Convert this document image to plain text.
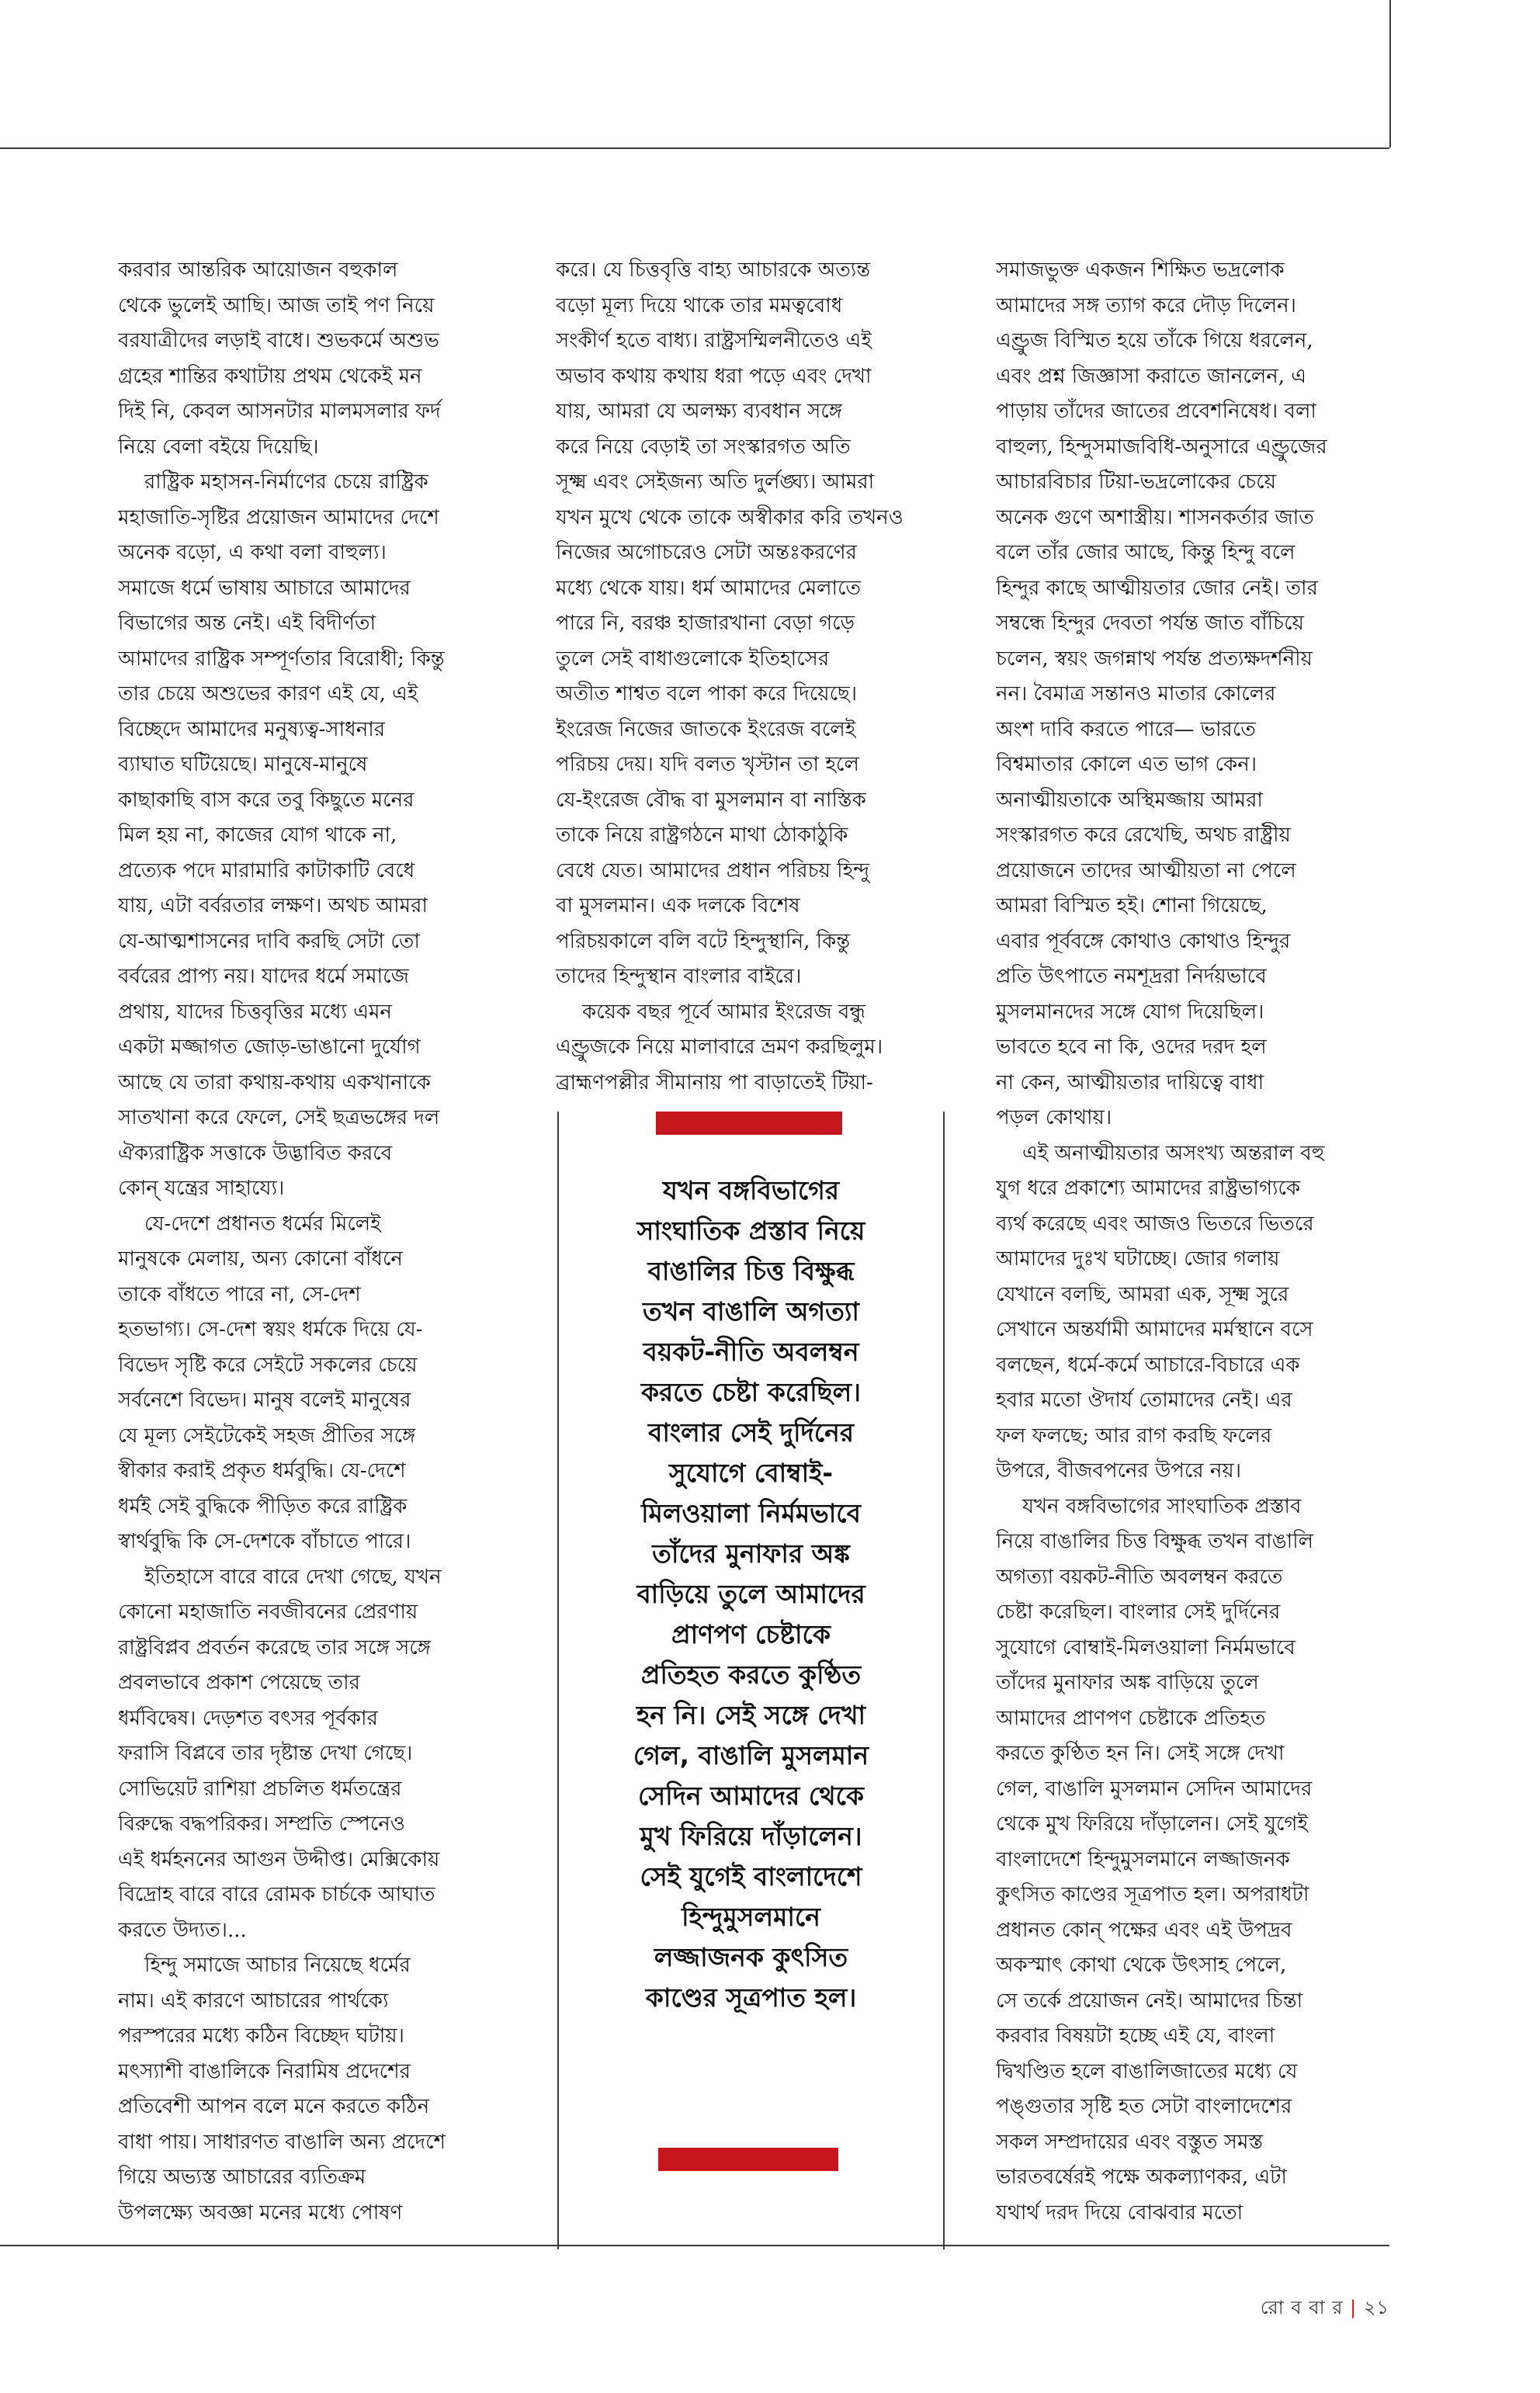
করবার আন্তরিক আয়োজন বহুকাল
থেকে ভুলেই আছি। আজ তাই পণ নিয়ে
বরযাত্রীদের লড়াই বাধে। শুভকর্মে অশুভ
গ্রহের শান্তির কথাটায় প্রথম থেকেই মন
দিই নি, কেবল আসনটার মালমসলার ফর্দ
নিয়ে বেলা বইয়ে দিয়েছি।
রাষ্ট্রিক মহাসন-নির্মাণের চেয়ে রাষ্ট্রিক
মহাজাতি-সৃষ্টির প্রয়োজন আমাদের দেশে
অনেক বড়ো, এ কথা বলা বাহুল্য।
সমাজে ধর্মে ভাষায় আচারে আমাদের
বিভাগের অন্ত নেই। এই বিদীর্ণতা
আমাদের রাষ্ট্রিক সম্পূর্ণতার বিরোধী; কিন্তু
তার চেয়ে অশুভের কারণ এই যে, এই
বিচ্ছেদে আমাদের মনুষ্যত্ব-সাধনার
ব্যাঘাত ঘটিয়েছে। মানুষে-মানুষে
কাছাকাছি বাস করে তবু কিছুতে মনের
মিল হয় না, কাজের যোগ থাকে না,
প্রত্যেক পদে মারামারি কাটাকাটি বেধে
যায়, এটা বর্বরতার লক্ষণ। অথচ আমরা
যে-আত্মশাসনের দাবি করছি সেটা তো
বর্বরের প্রাপ্য নয়। যাদের ধর্মে সমাজে
প্রথায়, যাদের চিত্তবৃত্তির মধ্যে এমন
একটা মজ্জাগত জোড়-ভাঙানো দুর্যোগ
আছে যে তারা কথায়-কথায় একখানাকে
সাতখানা করে ফেলে, সেই ছত্রভঙ্গের দল
ঐক্যরাষ্ট্রিক সত্তাকে উদ্ভাবিত করবে
কোন্ যন্ত্রের সাহায্যে।
যে-দেশে প্রধানত ধর্মের মিলেই
মানুষকে মেলায়, অন্য কোনো বাঁধনে
তাকে বাঁধতে পারে না, সে-দেশ
হতভাগ্য। সে-দেশ স্বয়ং ধর্মকে দিয়ে যে-
বিভেদ সৃষ্টি করে সেইটে সকলের চেয়ে
সর্বনেশে বিভেদ। মানুষ বলেই মানুষের
যে মূল্য সেইটেকেই সহজ প্রীতির সঙ্গে
স্বীকার করাই প্রকৃত ধর্মবুদ্ধি। যে-দেশে
ধর্মই সেই বুদ্ধিকে পীড়িত করে রাষ্ট্রিক
স্বার্থবুদ্ধি কি সে-দেশকে বাঁচাতে পারে।
ইতিহাসে বারে বারে দেখা গেছে, যখন
কোনো মহাজাতি নবজীবনের প্রেরণায়
রাষ্ট্রবিপ্লব প্রবর্তন করেছে তার সঙ্গে সঙ্গে
প্রবলভাবে প্রকাশ পেয়েছে তার
ধর্মবিদ্বেষ। দেড়শত বৎসর পূর্বকার
ফরাসি বিপ্লবে তার দৃষ্টান্ত দেখা গেছে।
সোভিয়েট রাশিয়া প্রচলিত ধর্মতন্ত্রের
বিরুদ্ধে বদ্ধপরিকর। সম্প্রতি স্পেনেও
এই ধর্মহননের আগুন উদ্দীপ্ত। মেক্সিকোয়
বিদ্রোহ বারে বারে রোমক চার্চকে আঘাত
করতে উদ্যত।...
হিন্দু সমাজে আচার নিয়েছে ধর্মের
নাম। এই কারণে আচারের পার্থক্যে
পরস্পরের মধ্যে কঠিন বিচ্ছেদ ঘটায়।
মৎস্যাশী বাঙালিকে নিরামিষ প্রদেশের
প্রতিবেশী আপন বলে মনে করতে কঠিন
বাধা পায়। সাধারণত বাঙালি অন্য প্রদেশে
গিয়ে অভ্যস্ত আচারের ব্যতিক্রম
উপলক্ষ্যে অবজ্ঞা মনের মধ্যে পোষণ
করে। যে চিত্তবৃত্তি বাহ্য আচারকে অত্যন্ত
বড়ো মূল্য দিয়ে থাকে তার মমত্ববোধ
সংকীর্ণ হতে বাধ্য। রাষ্ট্রসম্মিলনীতেও এই
অভাব কথায় কথায় ধরা পড়ে এবং দেখা
যায়, আমরা যে অলক্ষ্য ব্যবধান সঙ্গে
করে নিয়ে বেড়াই তা সংস্কারগত অতি
সূক্ষ্ম এবং সেইজন্য অতি দুর্লঙ্ঘ্য। আমরা
যখন মুখে থেকে তাকে অস্বীকার করি তখনও
নিজের অগোচরেও সেটা অন্তঃকরণের
মধ্যে থেকে যায়। ধর্ম আমাদের মেলাতে
পারে নি, বরঞ্চ হাজারখানা বেড়া গড়ে
তুলে সেই বাধাগুলোকে ইতিহাসের
অতীত শাশ্বত বলে পাকা করে দিয়েছে।
ইংরেজ নিজের জাতকে ইংরেজ বলেই
পরিচয় দেয়। যদি বলত খৃস্টান তা হলে
যে-ইংরেজ বৌদ্ধ বা মুসলমান বা নাস্তিক
তাকে নিয়ে রাষ্ট্রগঠনে মাথা ঠোকাঠুকি
বেধে যেত। আমাদের প্রধান পরিচয় হিন্দু
বা মুসলমান। এক দলকে বিশেষ
পরিচয়কালে বলি বটে হিন্দুস্থানি, কিন্তু
তাদের হিন্দুস্থান বাংলার বাইরে।
কয়েক বছর পূর্বে আমার ইংরেজ বন্ধু
এণ্ড্রুজকে নিয়ে মালাবারে ভ্রমণ করছিলুম।
ব্রাহ্মণপল্লীর সীমানায় পা বাড়াতেই টিয়া-
সমাজভুক্ত একজন শিক্ষিত ভদ্রলোক
আমাদের সঙ্গ ত্যাগ করে দৌড় দিলেন।
এণ্ড্রুজ বিস্মিত হয়ে তাঁকে গিয়ে ধরলেন,
এবং প্রশ্ন জিজ্ঞাসা করাতে জানলেন, এ
পাড়ায় তাঁদের জাতের প্রবেশনিষেধ। বলা
বাহুল্য, হিন্দুসমাজবিধি-অনুসারে এণ্ড্রুজের
আচারবিচার টিয়া-ভদ্রলোকের চেয়ে
অনেক গুণে অশাস্ত্রীয়। শাসনকর্তার জাত
বলে তাঁর জোর আছে, কিন্তু হিন্দু বলে
হিন্দুর কাছে আত্মীয়তার জোর নেই। তার
সম্বন্ধে হিন্দুর দেবতা পর্যন্ত জাত বাঁচিয়ে
চলেন, স্বয়ং জগন্নাথ পর্যন্ত প্রত্যক্ষদর্শনীয়
নন। বৈমাত্র সন্তানও মাতার কোলের
অংশ দাবি করতে পারে— ভারতে
বিশ্বমাতার কোলে এত ভাগ কেন।
অনাত্মীয়তাকে অস্থিমজ্জায় আমরা
সংস্কারগত করে রেখেছি, অথচ রাষ্ট্রীয়
প্রয়োজনে তাদের আত্মীয়তা না পেলে
আমরা বিস্মিত হই। শোনা গিয়েছে,
এবার পূর্ববঙ্গে কোথাও কোথাও হিন্দুর
প্রতি উৎপাতে নমশূদ্ররা নির্দয়ভাবে
মুসলমানদের সঙ্গে যোগ দিয়েছিল।
ভাবতে হবে না কি, ওদের দরদ হল
না কেন, আত্মীয়তার দায়িত্বে বাধা
পড়ল কোথায়।
এই অনাত্মীয়তার অসংখ্য অন্তরাল বহু
যুগ ধরে প্রকাশ্যে আমাদের রাষ্ট্রভাগ্যকে
ব্যর্থ করেছে এবং আজও ভিতরে ভিতরে
আমাদের দুঃখ ঘটাচ্ছে। জোর গলায়
যেখানে বলছি, আমরা এক, সূক্ষ্ম সুরে
সেখানে অন্তর্যামী আমাদের মর্মস্থানে বসে
বলছেন, ধর্মে-কর্মে আচারে-বিচারে এক
হবার মতো ঔদার্য তোমাদের নেই। এর
ফল ফলছে; আর রাগ করছি ফলের
উপরে, বীজবপনের উপরে নয়।
যখন বঙ্গবিভাগের সাংঘাতিক প্রস্তাব
নিয়ে বাঙালির চিত্ত বিক্ষুব্ধ তখন বাঙালি
অগত্যা বয়কট-নীতি অবলম্বন করতে
চেষ্টা করেছিল। বাংলার সেই দুর্দিনের
সুযোগে বোম্বাই-মিলওয়ালা নির্মমভাবে
তাঁদের মুনাফার অঙ্ক বাড়িয়ে তুলে
আমাদের প্রাণপণ চেষ্টাকে প্রতিহত
করতে কুণ্ঠিত হন নি। সেই সঙ্গে দেখা
গেল, বাঙালি মুসলমান সেদিন আমাদের
থেকে মুখ ফিরিয়ে দাঁড়ালেন। সেই যুগেই
বাংলাদেশে হিন্দুমুসলমানে লজ্জাজনক
কুৎসিত কাণ্ডের সূত্রপাত হল। অপরাধটা
প্রধানত কোন্ পক্ষের এবং এই উপদ্রব
অকস্মাৎ কোথা থেকে উৎসাহ পেলে,
সে তর্কে প্রয়োজন নেই। আমাদের চিন্তা
করবার বিষয়টা হচ্ছে এই যে, বাংলা
দ্বিখণ্ডিত হলে বাঙালিজাতের মধ্যে যে
পঙ্গুতার সৃষ্টি হত সেটা বাংলাদেশের
সকল সম্প্রদায়ের এবং বস্তুত সমস্ত
ভারতবর্ষেরই পক্ষে অকল্যাণকর, এটা
যথার্থ দরদ দিয়ে বোঝবার মতো
যখন বঙ্গবিভাগের
সাংঘাতিক প্রস্তাব নিয়ে
বাঙালির চিত্ত বিক্ষুব্ধ
তখন বাঙালি অগত্যা
বয়কট-নীতি অবলম্বন
করতে চেষ্টা করেছিল।
বাংলার সেই দুর্দিনের
সুযোগে বোম্বাই-
মিলওয়ালা নির্মমভাবে
তাঁদের মুনাফার অঙ্ক
বাড়িয়ে তুলে আমাদের
প্রাণপণ চেষ্টাকে
প্রতিহত করতে কুণ্ঠিত
হন নি। সেই সঙ্গে দেখা
গেল, বাঙালি মুসলমান
সেদিন আমাদের থেকে
মুখ ফিরিয়ে দাঁড়ালেন।
সেই যুগেই বাংলাদেশে
হিন্দুমুসলমানে
লজ্জাজনক কুৎসিত
কাণ্ডের সূত্রপাত হল।
রো ব বা র | ২১
